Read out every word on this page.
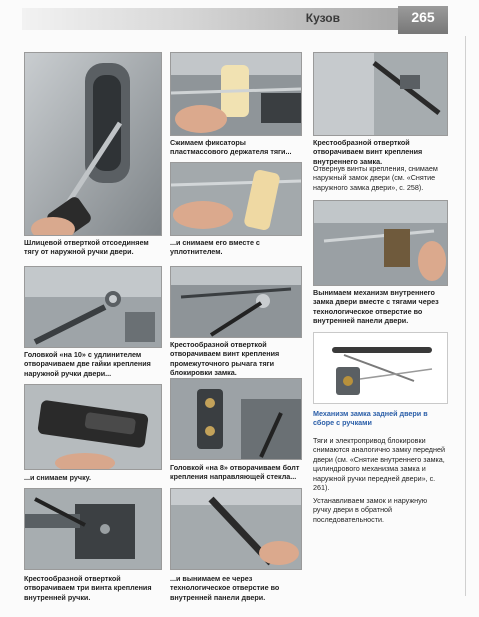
Кузов	265

Шлицевой отверткой отсоединяем тягу от наружной ручки двери.

Головкой «на 10» с удлинителем отворачиваем две гайки крепления наружной ручки двери...

...и снимаем ручку.

Крестообразной отверткой отворачиваем три винта крепления внутренней ручки.

Сжимаем фиксаторы пластмассового держателя тяги...

...и снимаем его вместе с уплотнителем.

Крестообразной отверткой отворачиваем винт крепления промежуточного рычага тяги блокировки замка.

Головкой «на 8» отворачиваем болт крепления направляющей стекла...

...и вынимаем ее через технологическое отверстие во внутренней панели двери.

Крестообразной отверткой отворачиваем винт крепления внутреннего замка.

Отвернув винты крепления, снимаем наружный замок двери (см. «Снятие наружного замка двери», с. 258).

Вынимаем механизм внутреннего замка двери вместе с тягами через технологическое отверстие во внутренней панели двери.

Механизм замка задней двери в сборе с ручками

Тяги и электропривод блокировки снимаются аналогично замку передней двери (см. «Снятие внутреннего замка, цилиндрового механизма замка и наружной ручки передней двери», с. 261).

Устанавливаем замок и наружную ручку двери в обратной последовательности.
